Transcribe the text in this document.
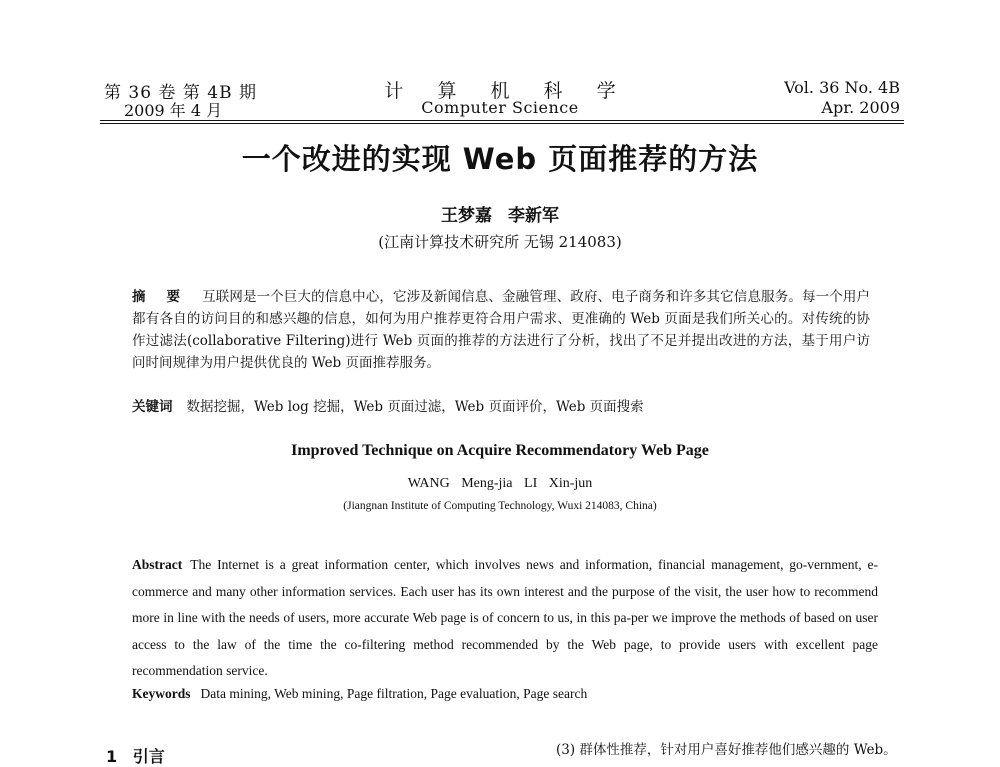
第 36 卷 第 4B 期
2009 年 4 月
计 算 机 科 学
Computer Science
Vol. 36 No. 4B
Apr. 2009
一个改进的实现 Web 页面推荐的方法
王梦嘉 李新军
(江南计算技术研究所 无锡 214083)
摘 要 互联网是一个巨大的信息中心，它涉及新闻信息、金融管理、政府、电子商务和许多其它信息服务。每一个用户都有各自的访问目的和感兴趣的信息，如何为用户推荐更符合用户需求、更准确的 Web 页面是我们所关心的。对传统的协作过滤法(collaborative Filtering)进行 Web 页面的推荐的方法进行了分析，找出了不足并提出改进的方法，基于用户访问时间规律为用户提供优良的 Web 页面推荐服务。
关键词 数据挖掘，Web log 挖掘，Web 页面过滤，Web 页面评价，Web 页面搜索
Improved Technique on Acquire Recommendatory Web Page
WANG Meng-jia LI Xin-jun
(Jiangnan Institute of Computing Technology, Wuxi 214083, China)
Abstract The Internet is a great information center, which involves news and information, financial management, go-vernment, e-commerce and many other information services. Each user has its own interest and the purpose of the visit, the user how to recommend more in line with the needs of users, more accurate Web page is of concern to us, in this pa-per we improve the methods of based on user access to the law of the time the co-filtering method recommended by the Web page, to provide users with excellent page recommendation service.
Keywords Data mining, Web mining, Page filtration, Page evaluation, Page search
1 引言	(3) 群体性推荐，针对用户喜好推荐他们感兴趣的 Web。
